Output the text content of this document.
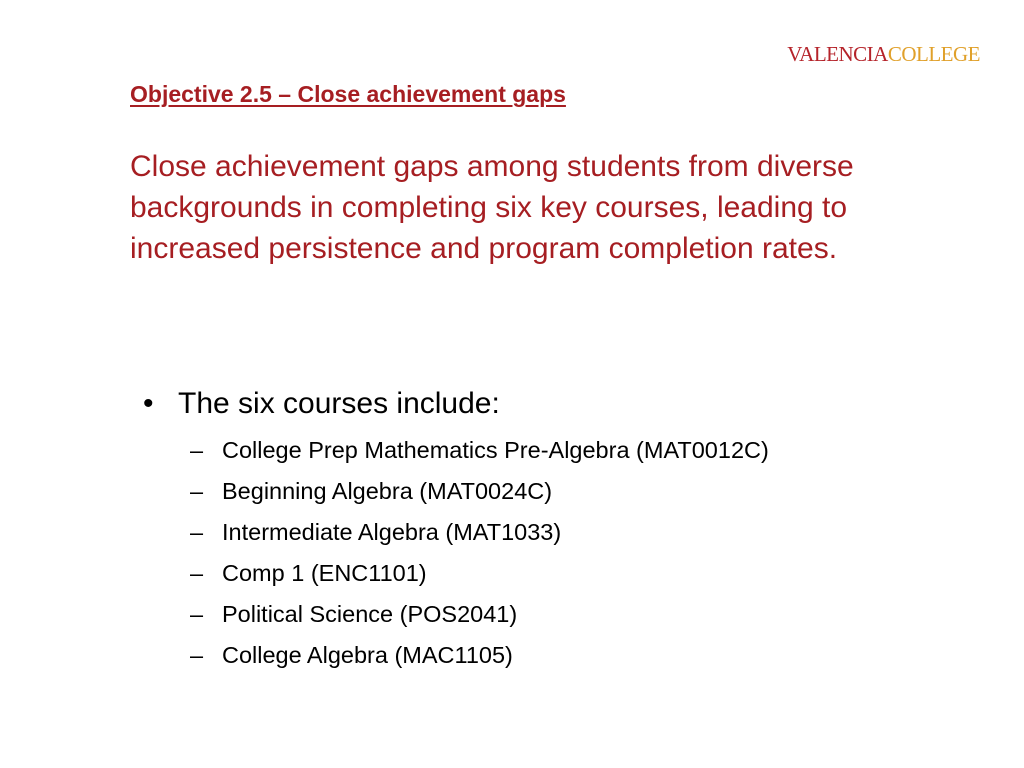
VALENCIACOLLEGE
Objective 2.5 – Close achievement gaps

Close achievement gaps among students from diverse backgrounds in completing six key courses, leading to increased persistence and program completion rates.

• The six courses include:
– College Prep Mathematics Pre-Algebra (MAT0012C)
– Beginning Algebra (MAT0024C)
– Intermediate Algebra (MAT1033)
– Comp 1 (ENC1101)
– Political Science (POS2041)
– College Algebra (MAC1105)
